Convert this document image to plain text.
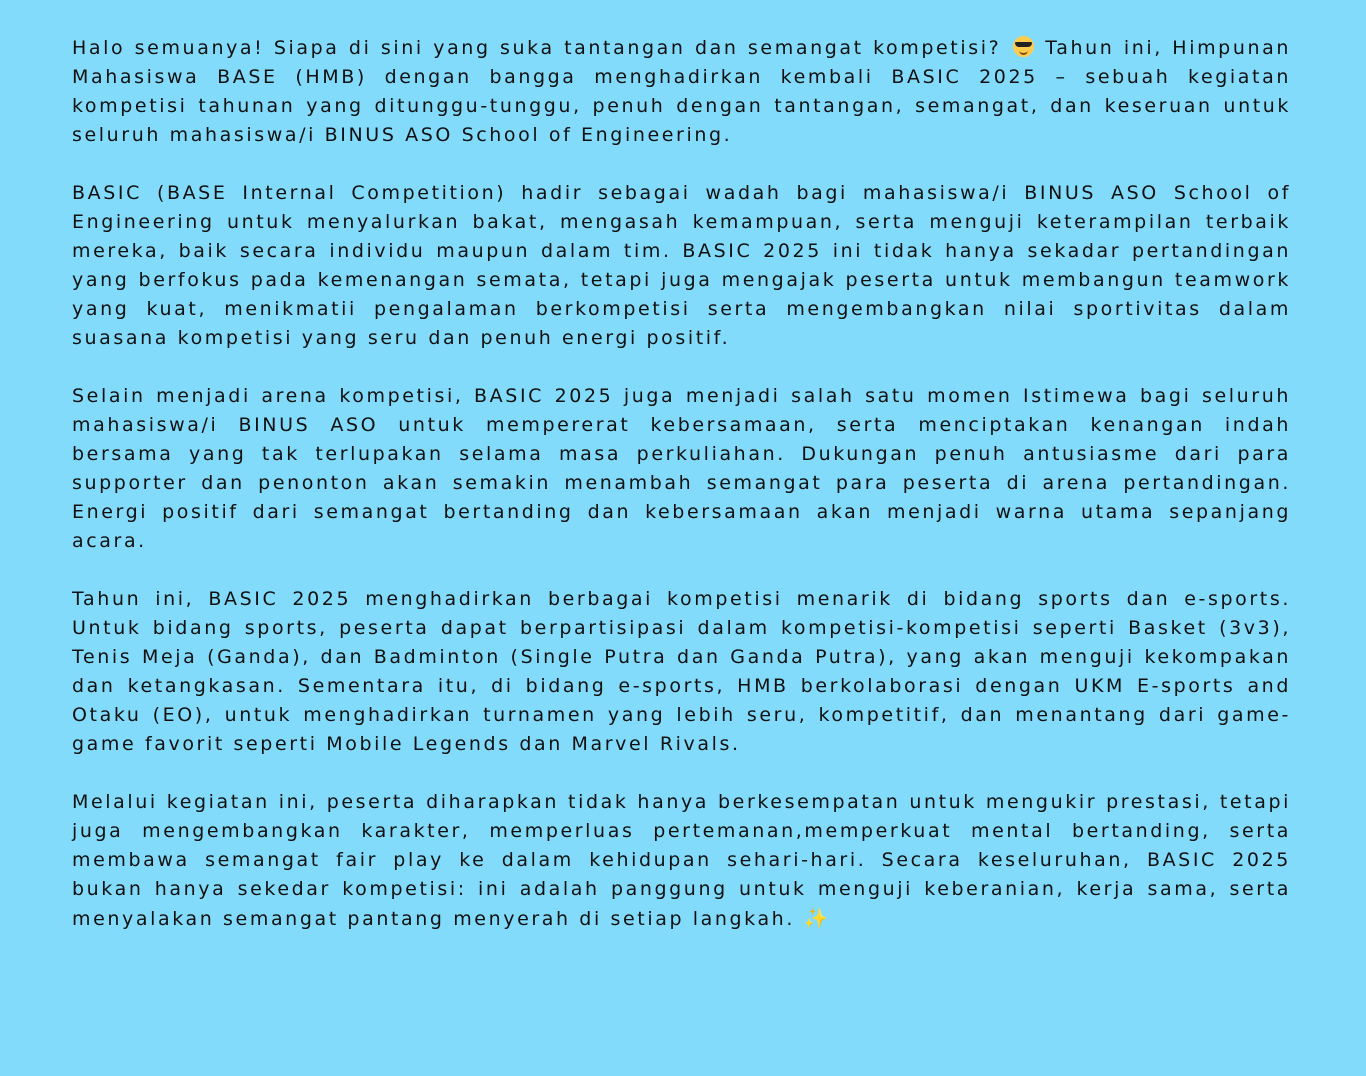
Halo semuanya! Siapa di sini yang suka tantangan dan semangat kompetisi? Tahun ini, Himpunan Mahasiswa BASE (HMB) dengan bangga menghadirkan kembali BASIC 2025 – sebuah kegiatan kompetisi tahunan yang ditunggu-tunggu, penuh dengan tantangan, semangat, dan keseruan untuk seluruh mahasiswa/i BINUS ASO School of Engineering.

BASIC (BASE Internal Competition) hadir sebagai wadah bagi mahasiswa/i BINUS ASO School of Engineering untuk menyalurkan bakat, mengasah kemampuan, serta menguji keterampilan terbaik mereka, baik secara individu maupun dalam tim. BASIC 2025 ini tidak hanya sekadar pertandingan yang berfokus pada kemenangan semata, tetapi juga mengajak peserta untuk membangun teamwork yang kuat, menikmatii pengalaman berkompetisi serta mengembangkan nilai sportivitas dalam suasana kompetisi yang seru dan penuh energi positif.

Selain menjadi arena kompetisi, BASIC 2025 juga menjadi salah satu momen Istimewa bagi seluruh mahasiswa/i BINUS ASO untuk mempererat kebersamaan, serta menciptakan kenangan indah bersama yang tak terlupakan selama masa perkuliahan. Dukungan penuh antusiasme dari para supporter dan penonton akan semakin menambah semangat para peserta di arena pertandingan. Energi positif dari semangat bertanding dan kebersamaan akan menjadi warna utama sepanjang acara.

Tahun ini, BASIC 2025 menghadirkan berbagai kompetisi menarik di bidang sports dan e-sports. Untuk bidang sports, peserta dapat berpartisipasi dalam kompetisi-kompetisi seperti Basket (3v3), Tenis Meja (Ganda), dan Badminton (Single Putra dan Ganda Putra), yang akan menguji kekompakan dan ketangkasan. Sementara itu, di bidang e-sports, HMB berkolaborasi dengan UKM E-sports and Otaku (EO), untuk menghadirkan turnamen yang lebih seru, kompetitif, dan menantang dari game-game favorit seperti Mobile Legends dan Marvel Rivals.

Melalui kegiatan ini, peserta diharapkan tidak hanya berkesempatan untuk mengukir prestasi, tetapi juga mengembangkan karakter, memperluas pertemanan,memperkuat mental bertanding, serta membawa semangat fair play ke dalam kehidupan sehari-hari. Secara keseluruhan, BASIC 2025 bukan hanya sekedar kompetisi: ini adalah panggung untuk menguji keberanian, kerja sama, serta menyalakan semangat pantang menyerah di setiap langkah. ✨
